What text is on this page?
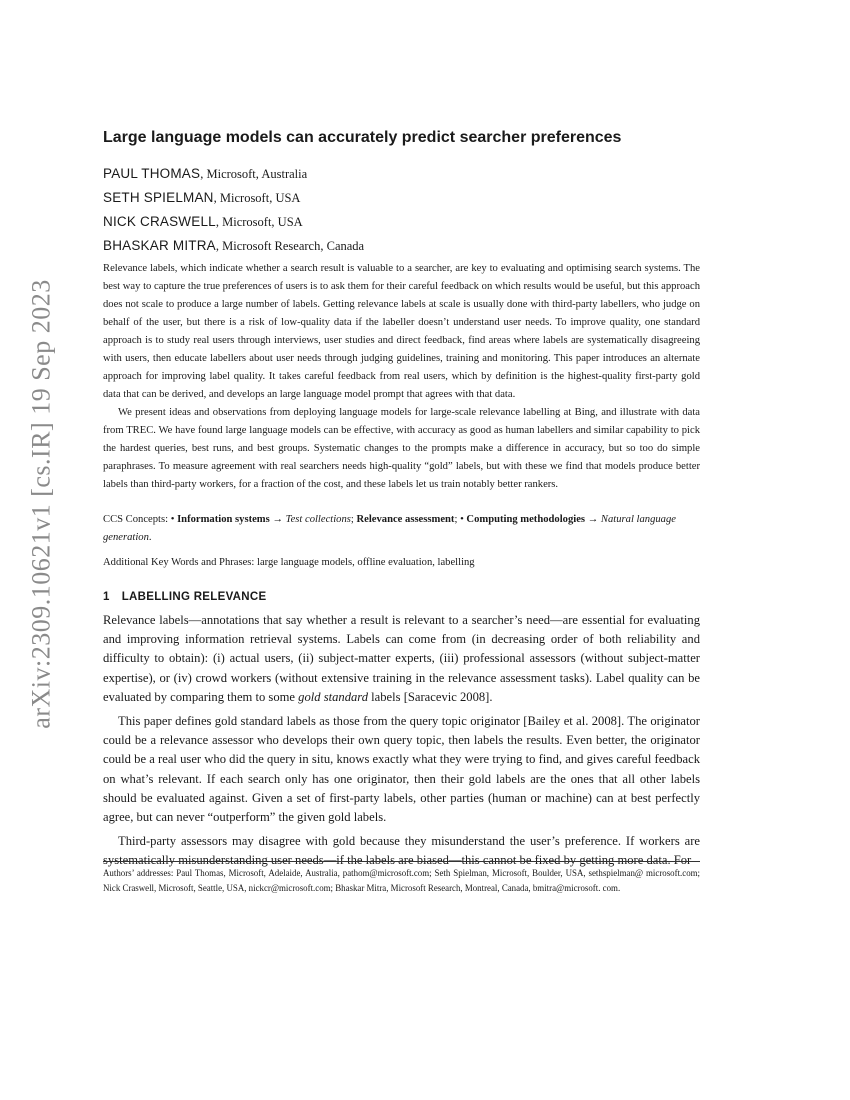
arXiv:2309.10621v1 [cs.IR] 19 Sep 2023
Large language models can accurately predict searcher preferences
PAUL THOMAS, Microsoft, Australia
SETH SPIELMAN, Microsoft, USA
NICK CRASWELL, Microsoft, USA
BHASKAR MITRA, Microsoft Research, Canada

Relevance labels, which indicate whether a search result is valuable to a searcher, are key to evaluating and optimising search systems. The best way to capture the true preferences of users is to ask them for their careful feedback on which results would be useful, but this approach does not scale to produce a large number of labels. Getting relevance labels at scale is usually done with third-party labellers, who judge on behalf of the user, but there is a risk of low-quality data if the labeller doesn’t understand user needs. To improve quality, one standard approach is to study real users through interviews, user studies and direct feedback, find areas where labels are systematically disagreeing with users, then educate labellers about user needs through judging guidelines, training and monitoring. This paper introduces an alternate approach for improving label quality. It takes careful feedback from real users, which by definition is the highest-quality first-party gold data that can be derived, and develops an large language model prompt that agrees with that data.

We present ideas and observations from deploying language models for large-scale relevance labelling at Bing, and illustrate with data from TREC. We have found large language models can be effective, with accuracy as good as human labellers and similar capability to pick the hardest queries, best runs, and best groups. Systematic changes to the prompts make a difference in accuracy, but so too do simple paraphrases. To measure agreement with real searchers needs high-quality “gold” labels, but with these we find that models produce better labels than third-party workers, for a fraction of the cost, and these labels let us train notably better rankers.

CCS Concepts: • Information systems → Test collections; Relevance assessment; • Computing methodologies → Natural language generation.

Additional Key Words and Phrases: large language models, offline evaluation, labelling

1 LABELLING RELEVANCE

Relevance labels—annotations that say whether a result is relevant to a searcher’s need—are essential for evaluating and improving information retrieval systems. Labels can come from (in decreasing order of both reliability and difficulty to obtain): (i) actual users, (ii) subject-matter experts, (iii) professional assessors (without subject-matter expertise), or (iv) crowd workers (without extensive training in the relevance assessment tasks). Label quality can be evaluated by comparing them to some gold standard labels [Saracevic 2008].

This paper defines gold standard labels as those from the query topic originator [Bailey et al. 2008]. The originator could be a relevance assessor who develops their own query topic, then labels the results. Even better, the originator could be a real user who did the query in situ, knows exactly what they were trying to find, and gives careful feedback on what’s relevant. If each search only has one originator, then their gold labels are the ones that all other labels should be evaluated against. Given a set of first-party labels, other parties (human or machine) can at best perfectly agree, but can never “outperform” the given gold labels.

Third-party assessors may disagree with gold because they misunderstand the user’s preference. If workers are systematically misunderstanding user needs—if the labels are biased—this cannot be fixed by getting more data. For

Authors’ addresses: Paul Thomas, Microsoft, Adelaide, Australia, pathom@microsoft.com; Seth Spielman, Microsoft, Boulder, USA, sethspielman@ microsoft.com; Nick Craswell, Microsoft, Seattle, USA, nickcr@microsoft.com; Bhaskar Mitra, Microsoft Research, Montreal, Canada, bmitra@microsoft. com.
